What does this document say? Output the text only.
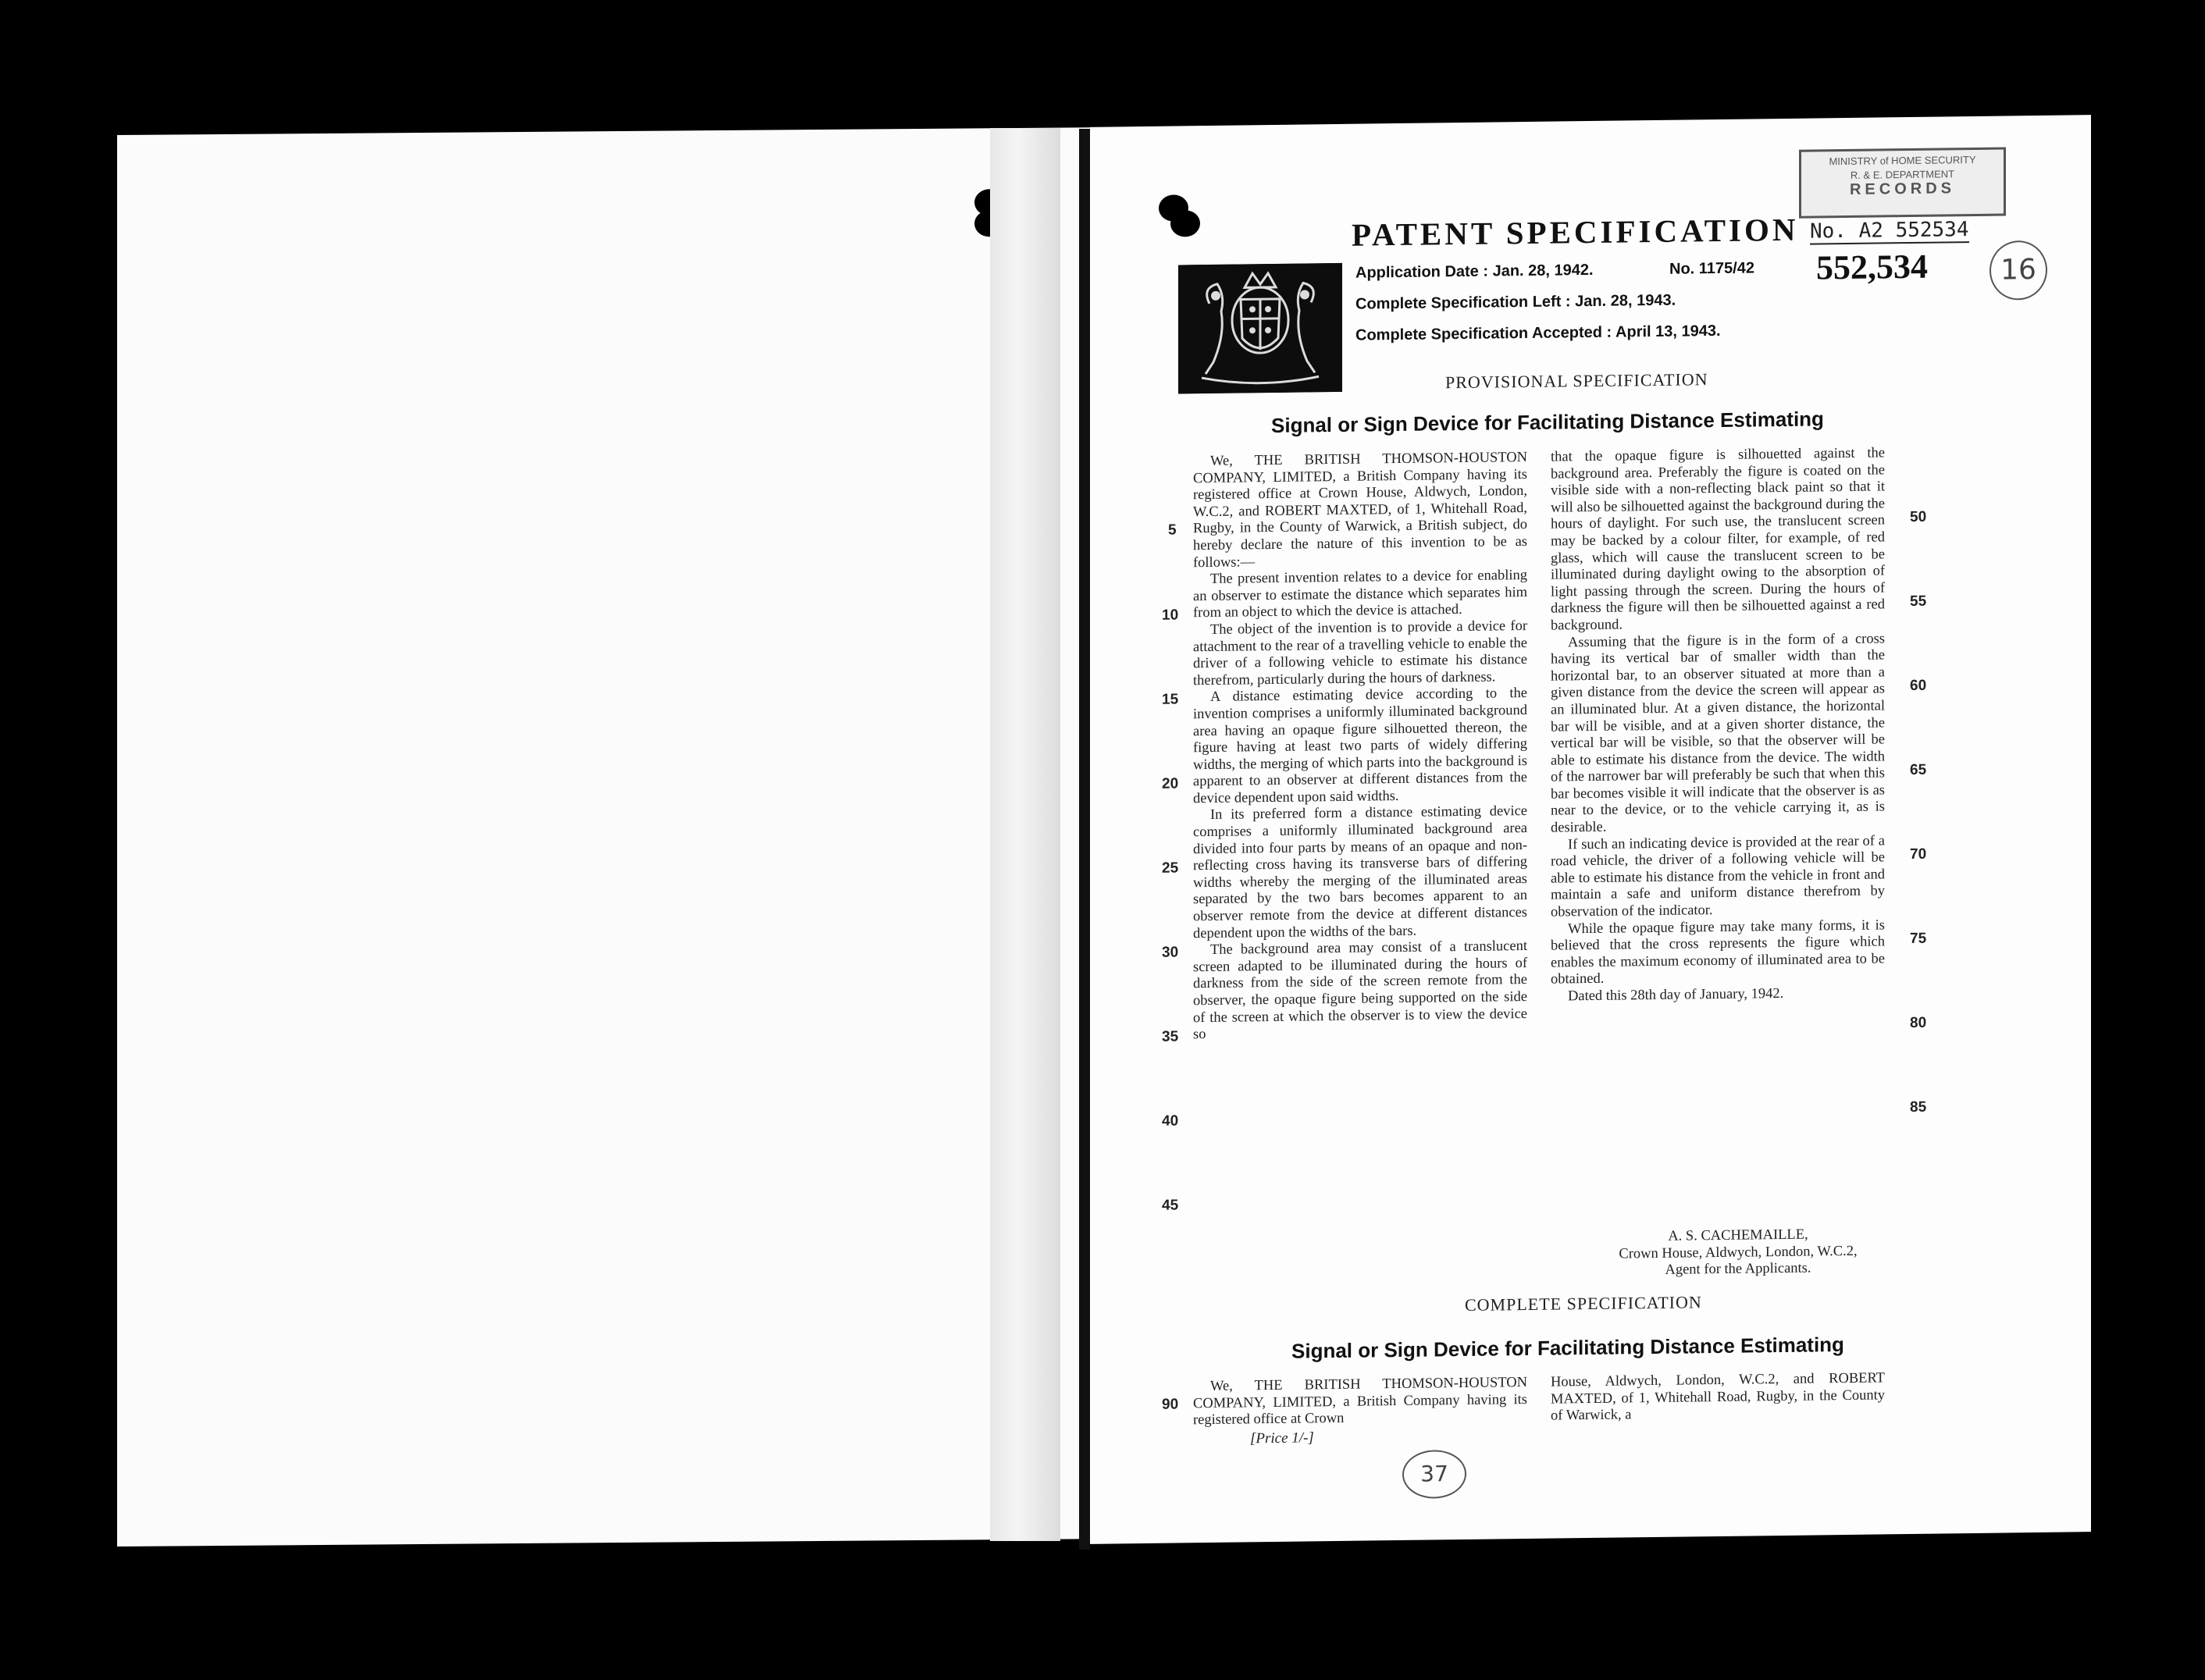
MINISTRY of HOME SECURITY
R. & E. DEPARTMENT
RECORDS
No. A2 552534
PATENT SPECIFICATION
Application Date : Jan. 28, 1942.	No. 1175/42
Complete Specification Left : Jan. 28, 1943.
Complete Specification Accepted : April 13, 1943.
552,534	16
PROVISIONAL SPECIFICATION
Signal or Sign Device for Facilitating Distance Estimating

We, THE BRITISH THOMSON-HOUSTON COMPANY, LIMITED, a British Company having its registered office at Crown House, Aldwych, London, W.C.2, and ROBERT MAXTED, of 1, Whitehall Road, Rugby, in the County of Warwick, a British subject, do hereby declare the nature of this invention to be as follows:—

The present invention relates to a device for enabling an observer to estimate the distance which separates him from an object to which the device is attached.

The object of the invention is to provide a device for attachment to the rear of a travelling vehicle to enable the driver of a following vehicle to estimate his distance therefrom, particularly during the hours of darkness.

A distance estimating device according to the invention comprises a uniformly illuminated background area having an opaque figure silhouetted thereon, the figure having at least two parts of widely differing widths, the merging of which parts into the background is apparent to an observer at different distances from the device dependent upon said widths.

In its preferred form a distance estimating device comprises a uniformly illuminated background area divided into four parts by means of an opaque and non-reflecting cross having its transverse bars of differing widths whereby the merging of the illuminated areas separated by the two bars becomes apparent to an observer remote from the device at different distances dependent upon the widths of the bars.

The background area may consist of a translucent screen adapted to be illuminated during the hours of darkness from the side of the screen remote from the observer, the opaque figure being supported on the side of the screen at which the observer is to view the device so

5
10
15
20
25
30
35
40
45

that the opaque figure is silhouetted against the background area. Preferably the figure is coated on the visible side with a non-reflecting black paint so that it will also be silhouetted against the background during the hours of daylight. For such use, the translucent screen may be backed by a colour filter, for example, of red glass, which will cause the translucent screen to be illuminated during daylight owing to the absorption of light passing through the screen. During the hours of darkness the figure will then be silhouetted against a red background.

Assuming that the figure is in the form of a cross having its vertical bar of smaller width than the horizontal bar, to an observer situated at more than a given distance from the device the screen will appear as an illuminated blur. At a given distance, the horizontal bar will be visible, and at a given shorter distance, the vertical bar will be visible, so that the observer will be able to estimate his distance from the device. The width of the narrower bar will preferably be such that when this bar becomes visible it will indicate that the observer is as near to the device, or to the vehicle carrying it, as is desirable.

If such an indicating device is provided at the rear of a road vehicle, the driver of a following vehicle will be able to estimate his distance from the vehicle in front and maintain a safe and uniform distance therefrom by observation of the indicator.

While the opaque figure may take many forms, it is believed that the cross represents the figure which enables the maximum economy of illuminated area to be obtained.

Dated this 28th day of January, 1942.

50
55
60
65
70
75
80
85
A. S. CACHEMAILLE,
Crown House, Aldwych, London, W.C.2,
Agent for the Applicants.
COMPLETE SPECIFICATION
Signal or Sign Device for Facilitating Distance Estimating

We, THE BRITISH THOMSON-HOUSTON COMPANY, LIMITED, a British Company having its registered office at Crown

90

House, Aldwych, London, W.C.2, and ROBERT MAXTED, of 1, Whitehall Road, Rugby, in the County of Warwick, a

[Price 1/-]
37
